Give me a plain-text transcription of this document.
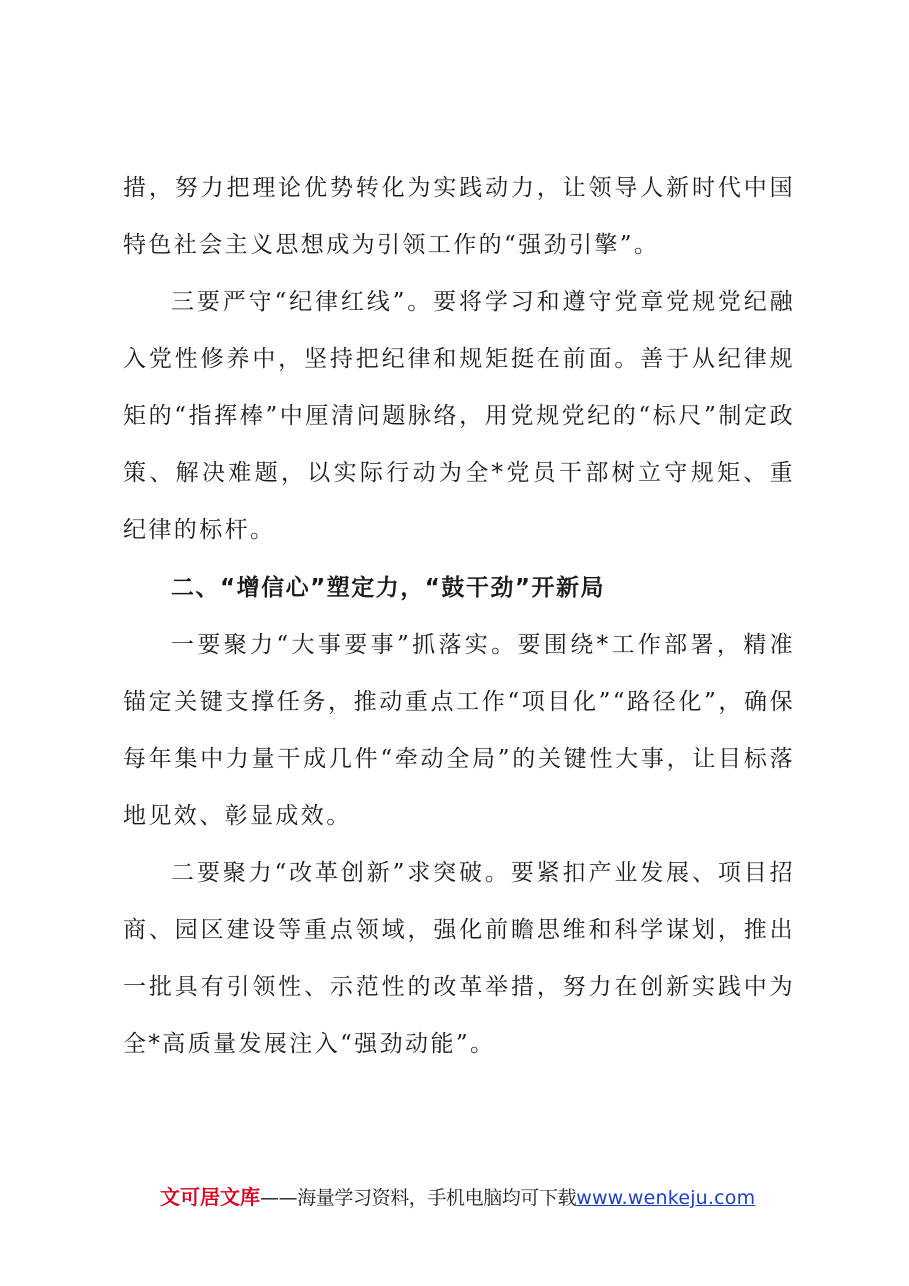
措，努力把理论优势转化为实践动力，让领导人新时代中国特色社会主义思想成为引领工作的“强劲引擎”。

三要严守“纪律红线”。要将学习和遵守党章党规党纪融入党性修养中，坚持把纪律和规矩挺在前面。善于从纪律规矩的“指挥棒”中厘清问题脉络，用党规党纪的“标尺”制定政策、解决难题，以实际行动为全*党员干部树立守规矩、重纪律的标杆。

二、“增信心”塑定力，“鼓干劲”开新局

一要聚力“大事要事”抓落实。要围绕*工作部署，精准锚定关键支撑任务，推动重点工作“项目化”“路径化”，确保每年集中力量干成几件“牵动全局”的关键性大事，让目标落地见效、彰显成效。

二要聚力“改革创新”求突破。要紧扣产业发展、项目招商、园区建设等重点领域，强化前瞻思维和科学谋划，推出一批具有引领性、示范性的改革举措，努力在创新实践中为全*高质量发展注入“强劲动能”。

文可居文库——海量学习资料，手机电脑均可下载www.wenkeju.com
